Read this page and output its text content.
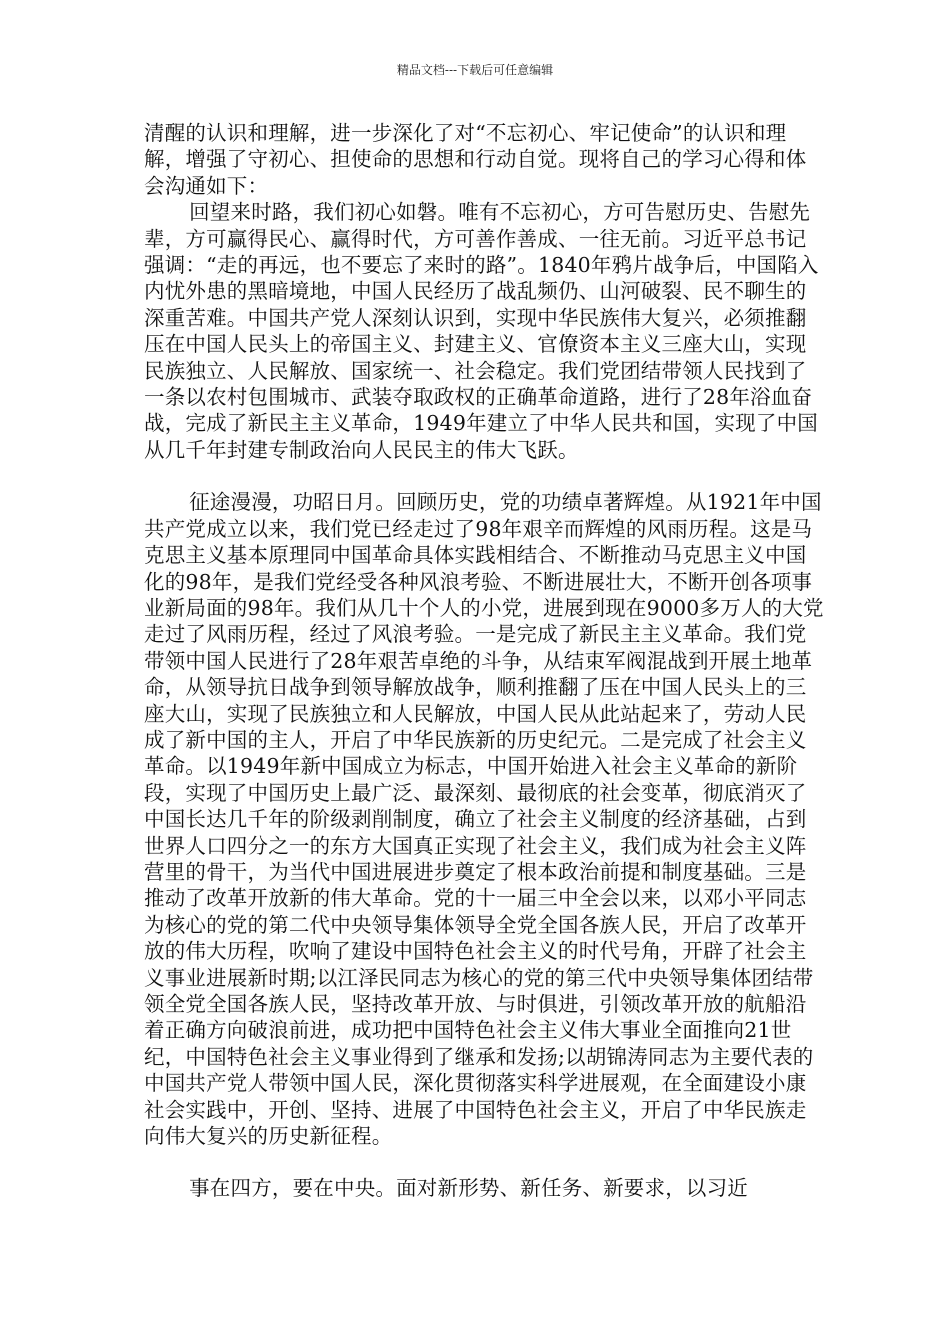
精品文档---下载后可任意编辑

清醒的认识和理解，进一步深化了对“不忘初心、牢记使命”的认识和理解，增强了守初心、担使命的思想和行动自觉。现将自己的学习心得和体会沟通如下：

回望来时路，我们初心如磐。唯有不忘初心，方可告慰历史、告慰先辈，方可赢得民心、赢得时代，方可善作善成、一往无前。习近平总书记强调：“走的再远，也不要忘了来时的路”。1840年鸦片战争后，中国陷入内忧外患的黑暗境地，中国人民经历了战乱频仍、山河破裂、民不聊生的深重苦难。中国共产党人深刻认识到，实现中华民族伟大复兴，必须推翻压在中国人民头上的帝国主义、封建主义、官僚资本主义三座大山，实现民族独立、人民解放、国家统一、社会稳定。我们党团结带领人民找到了一条以农村包围城市、武装夺取政权的正确革命道路，进行了28年浴血奋战，完成了新民主主义革命，1949年建立了中华人民共和国，实现了中国从几千年封建专制政治向人民民主的伟大飞跃。

征途漫漫，功昭日月。回顾历史，党的功绩卓著辉煌。从1921年中国共产党成立以来，我们党已经走过了98年艰辛而辉煌的风雨历程。这是马克思主义基本原理同中国革命具体实践相结合、不断推动马克思主义中国化的98年，是我们党经受各种风浪考验、不断进展壮大，不断开创各项事业新局面的98年。我们从几十个人的小党，进展到现在9000多万人的大党走过了风雨历程，经过了风浪考验。一是完成了新民主主义革命。我们党带领中国人民进行了28年艰苦卓绝的斗争，从结束军阀混战到开展土地革命，从领导抗日战争到领导解放战争，顺利推翻了压在中国人民头上的三座大山，实现了民族独立和人民解放，中国人民从此站起来了，劳动人民成了新中国的主人，开启了中华民族新的历史纪元。二是完成了社会主义革命。以1949年新中国成立为标志，中国开始进入社会主义革命的新阶段，实现了中国历史上最广泛、最深刻、最彻底的社会变革，彻底消灭了中国长达几千年的阶级剥削制度，确立了社会主义制度的经济基础，占到世界人口四分之一的东方大国真正实现了社会主义，我们成为社会主义阵营里的骨干，为当代中国进展进步奠定了根本政治前提和制度基础。三是推动了改革开放新的伟大革命。党的十一届三中全会以来，以邓小平同志为核心的党的第二代中央领导集体领导全党全国各族人民，开启了改革开放的伟大历程，吹响了建设中国特色社会主义的时代号角，开辟了社会主义事业进展新时期;以江泽民同志为核心的党的第三代中央领导集体团结带领全党全国各族人民，坚持改革开放、与时俱进，引领改革开放的航船沿着正确方向破浪前进，成功把中国特色社会主义伟大事业全面推向21世纪，中国特色社会主义事业得到了继承和发扬;以胡锦涛同志为主要代表的中国共产党人带领中国人民，深化贯彻落实科学进展观，在全面建设小康社会实践中，开创、坚持、进展了中国特色社会主义，开启了中华民族走向伟大复兴的历史新征程。

事在四方，要在中央。面对新形势、新任务、新要求，以习近
